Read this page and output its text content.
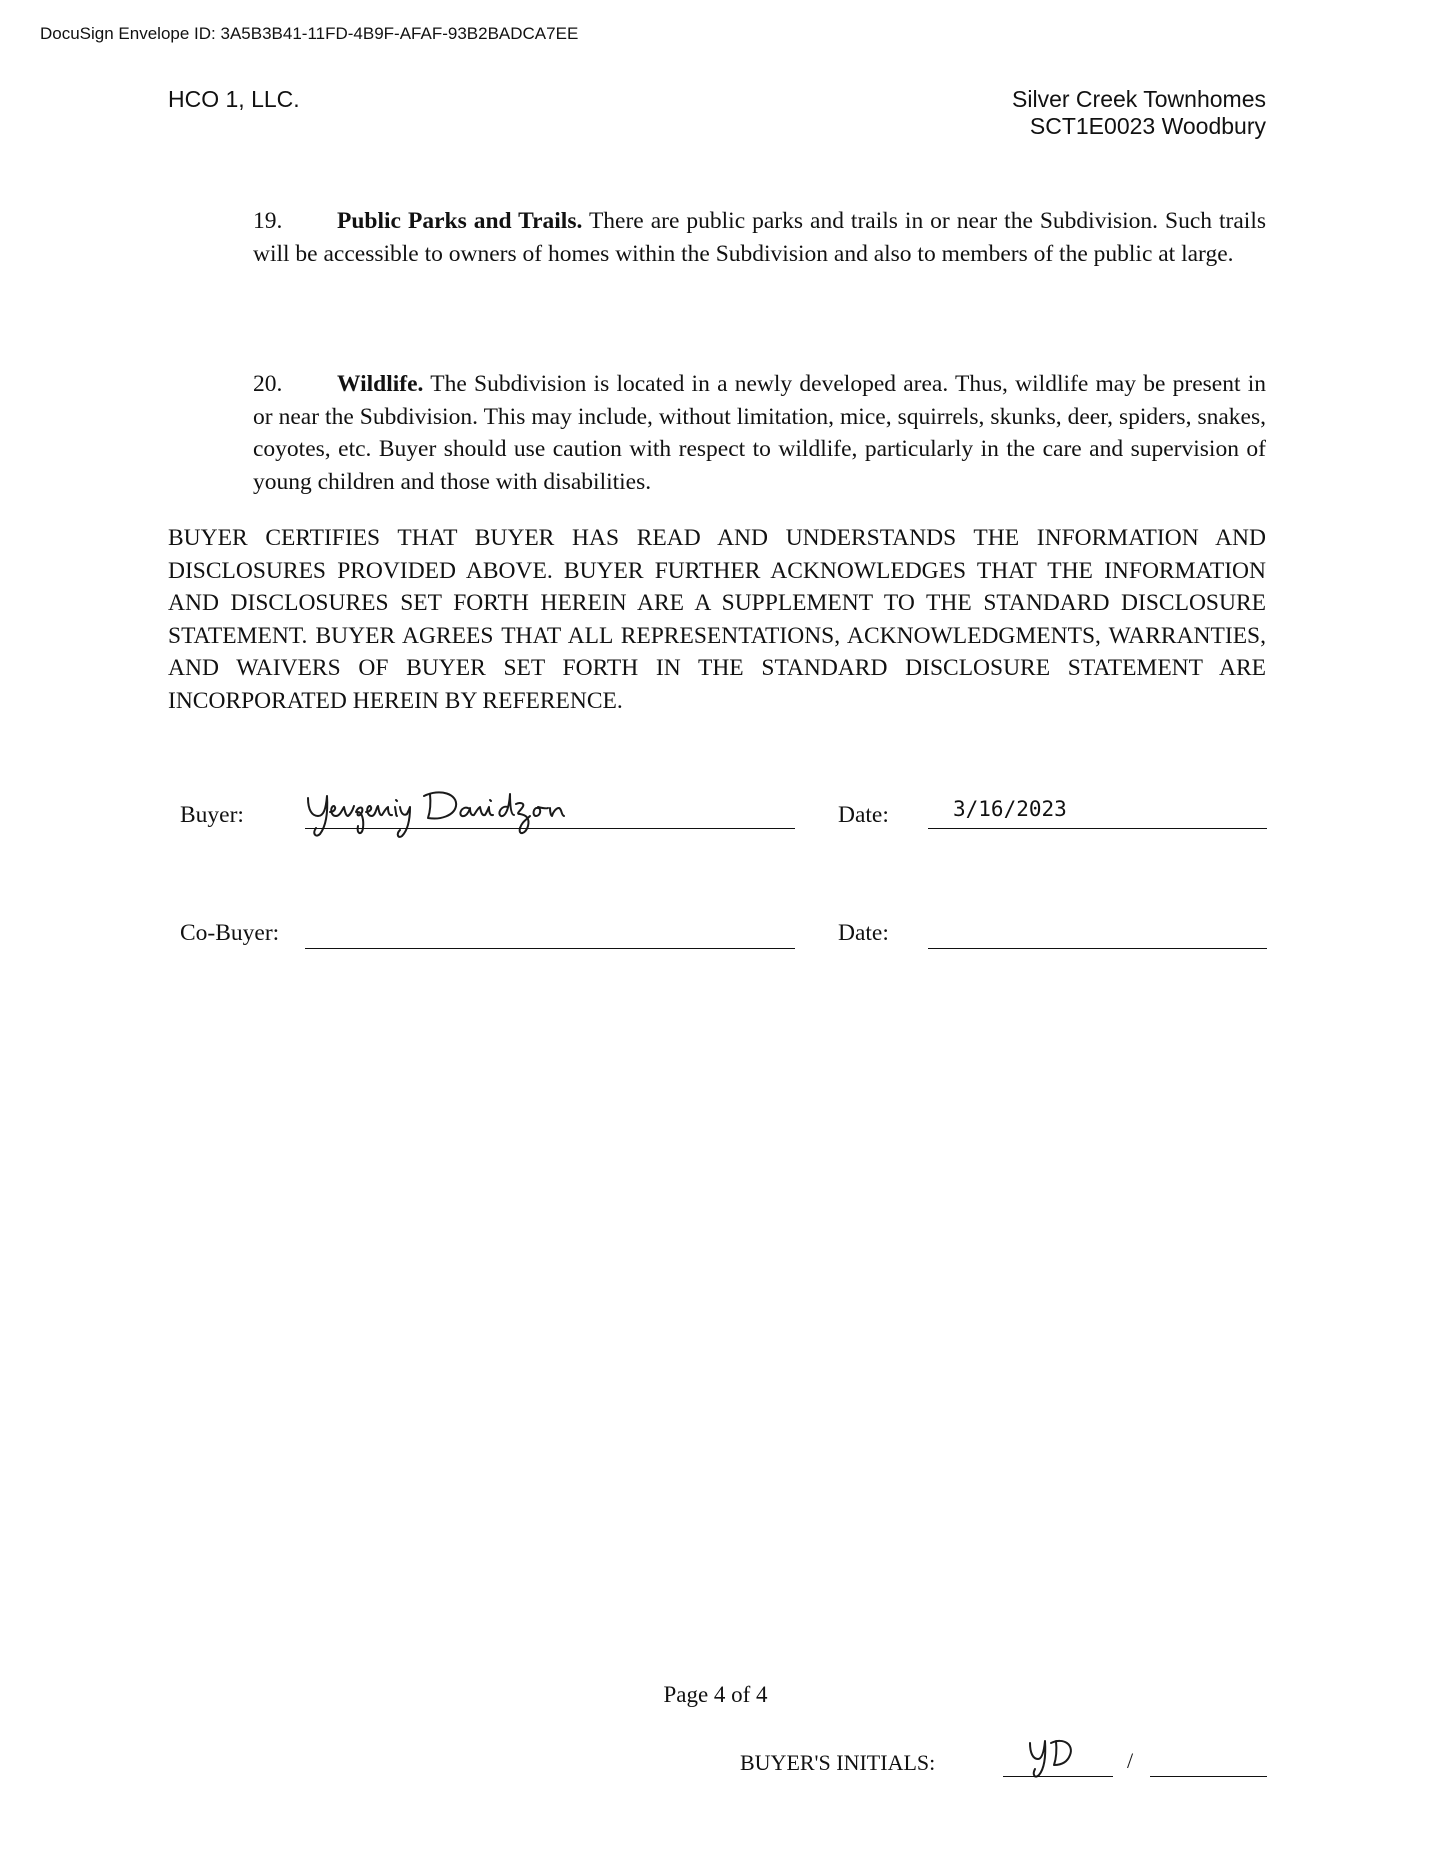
DocuSign Envelope ID: 3A5B3B41-11FD-4B9F-AFAF-93B2BADCA7EE
HCO 1, LLC.	Silver Creek Townhomes
SCT1E0023 Woodbury
19. Public Parks and Trails. There are public parks and trails in or near the Subdivision. Such trails will be accessible to owners of homes within the Subdivision and also to members of the public at large.
20. Wildlife. The Subdivision is located in a newly developed area. Thus, wildlife may be present in or near the Subdivision. This may include, without limitation, mice, squirrels, skunks, deer, spiders, snakes, coyotes, etc. Buyer should use caution with respect to wildlife, particularly in the care and supervision of young children and those with disabilities.
BUYER CERTIFIES THAT BUYER HAS READ AND UNDERSTANDS THE INFORMATION AND DISCLOSURES PROVIDED ABOVE. BUYER FURTHER ACKNOWLEDGES THAT THE INFORMATION AND DISCLOSURES SET FORTH HEREIN ARE A SUPPLEMENT TO THE STANDARD DISCLOSURE STATEMENT. BUYER AGREES THAT ALL REPRESENTATIONS, ACKNOWLEDGMENTS, WARRANTIES, AND WAIVERS OF BUYER SET FORTH IN THE STANDARD DISCLOSURE STATEMENT ARE INCORPORATED HEREIN BY REFERENCE.
Buyer:	Date:	3/16/2023
Co-Buyer:	Date:
Page 4 of 4
BUYER'S INITIALS:	/
